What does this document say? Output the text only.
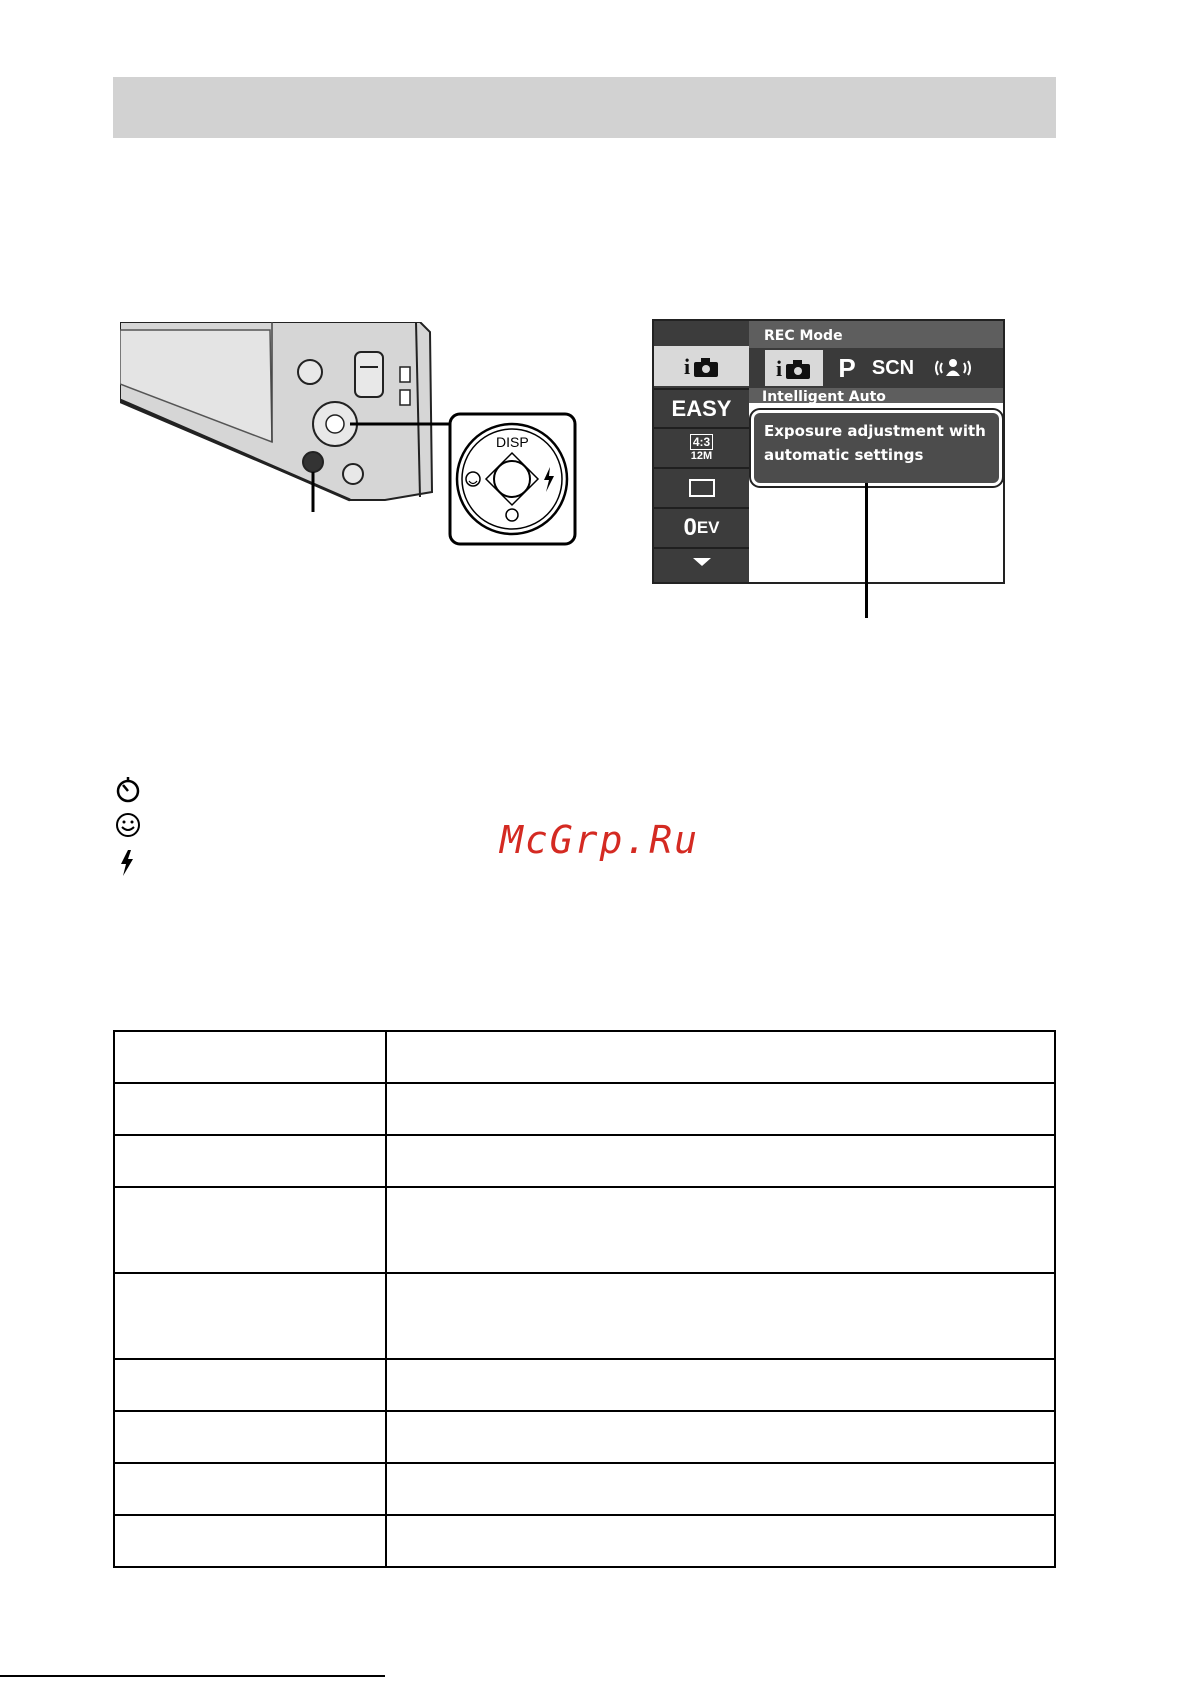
DISP
i
EASY
4:3
12M
0 EV
REC Mode
i P SCN
Intelligent Auto
Exposure adjustment with
automatic settings
McGrp.Ru
